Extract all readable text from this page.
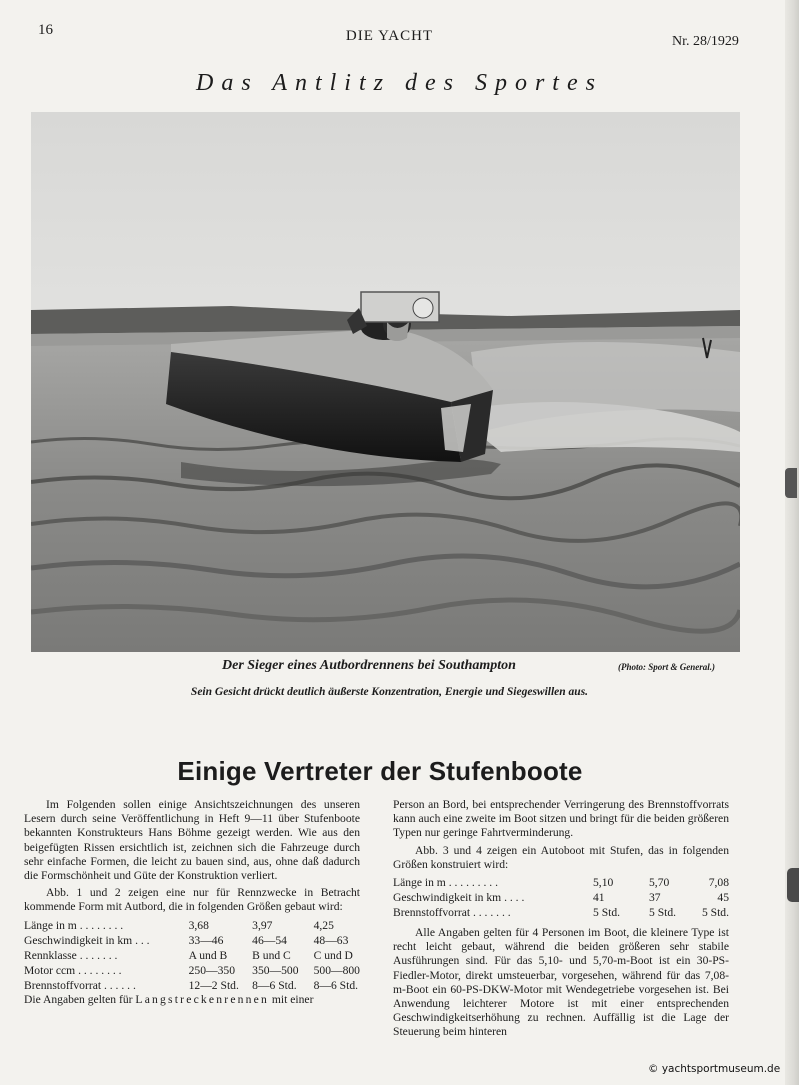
16	DIE YACHT	Nr. 28/1929
Das Antlitz des Sportes
Der Sieger eines Autbordrennens bei Southampton	(Photo: Sport & General.)
Sein Gesicht drückt deutlich äußerste Konzentration, Energie und Siegeswillen aus.
Einige Vertreter der Stufenboote

Im Folgenden sollen einige Ansichtszeichnungen des unseren Lesern durch seine Veröffentlichung in Heft 9—11 über Stufenboote bekannten Konstrukteurs Hans Böhme gezeigt werden. Wie aus den beigefügten Rissen ersichtlich ist, zeichnen sich die Fahrzeuge durch sehr einfache Formen, die leicht zu bauen sind, aus, ohne daß dadurch die Formschönheit und Güte der Konstruktion verliert.

Abb. 1 und 2 zeigen eine nur für Rennzwecke in Betracht kommende Form mit Autbord, die in folgenden Größen gebaut wird:

Länge in m . . . . . . . .	3,68	3,97	4,25
Geschwindigkeit in km . . .	33—46	46—54	48—63
Rennklasse . . . . . . .	A und B	B und C	C und D
Motor ccm . . . . . . . .	250—350	350—500	500—800
Brennstoffvorrat . . . . . .	12—2 Std.	8—6 Std.	8—6 Std.

Die Angaben gelten für Langstreckenrennen mit einer

Person an Bord, bei entsprechender Verringerung des Brennstoffvorrats kann auch eine zweite im Boot sitzen und bringt für die beiden größeren Typen nur geringe Fahrtverminderung.

Abb. 3 und 4 zeigen ein Autoboot mit Stufen, das in folgenden Größen konstruiert wird:

Länge in m . . . . . . . . .	5,10	5,70	7,08
Geschwindigkeit in km . . . .	41	37	45
Brennstoffvorrat . . . . . . .	5 Std.	5 Std.	5 Std.

Alle Angaben gelten für 4 Personen im Boot, die kleinere Type ist recht leicht gebaut, während die beiden größeren sehr stabile Ausführungen sind. Für das 5,10- und 5,70-m-Boot ist ein 30-PS-Fiedler-Motor, direkt umsteuerbar, vorgesehen, während für das 7,08-m-Boot ein 60-PS-DKW-Motor mit Wendegetriebe vorgesehen ist. Bei Anwendung leichterer Motore ist mit einer entsprechenden Geschwindigkeitserhöhung zu rechnen. Auffällig ist die Lage der Steuerung beim hinteren

© yachtsportmuseum.de
